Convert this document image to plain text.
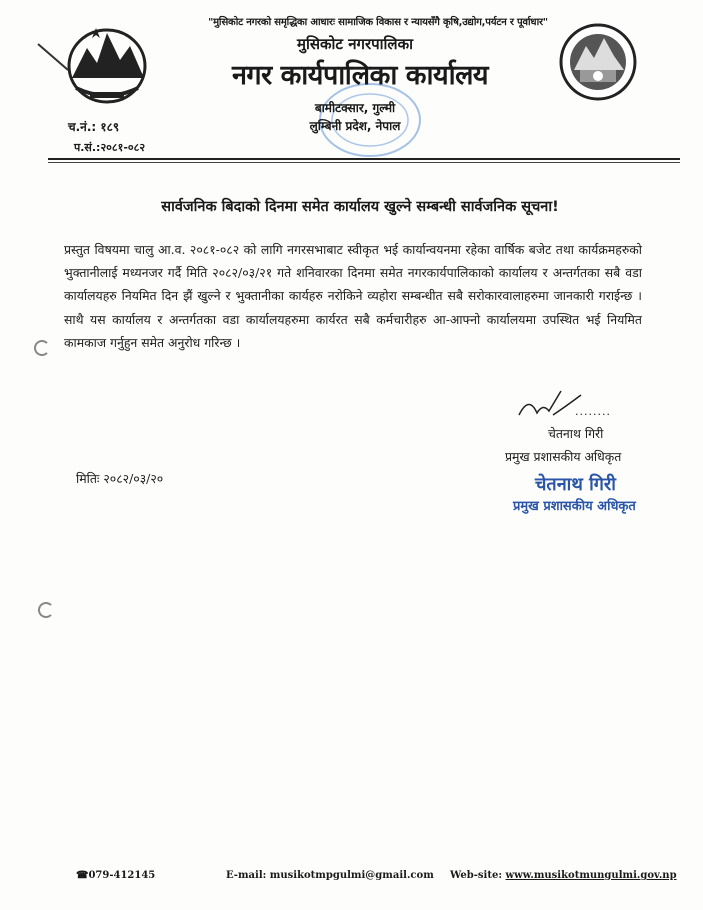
"मुसिकोट नगरको समृद्धिका आधारः सामाजिक विकास र न्यायसँगै कृषि,उद्योग,पर्यटन र पूर्वाधार"
मुसिकोट नगरपालिका
नगर कार्यपालिका कार्यालय
बामीटक्सार, गुल्मी
लुम्बिनी प्रदेश, नेपाल
च.नं.: १८९
प.सं.:२०८१-०८२
सार्वजनिक बिदाको दिनमा समेत कार्यालय खुल्ने सम्बन्धी सार्वजनिक सूचना!
प्रस्तुत विषयमा चालु आ.व. २०८१-०८२ को लागि नगरसभाबाट स्वीकृत भई कार्यान्वयनमा रहेका वार्षिक बजेट तथा कार्यक्रमहरुको भुक्तानीलाई मध्यनजर गर्दै मिति २०८२/०३/२१ गते शनिवारका दिनमा समेत नगरकार्यपालिकाको कार्यालय र अन्तर्गतका सबै वडा कार्यालयहरु नियमित दिन झैं खुल्ने र भुक्तानीका कार्यहरु नरोकिने व्यहोरा सम्बन्धीत सबै सरोकारवालाहरुमा जानकारी गराईन्छ । साथै यस कार्यालय र अन्तर्गतका वडा कार्यालयहरुमा कार्यरत सबै कर्मचारीहरु आ-आफ्नो कार्यालयमा उपस्थित भई नियमित कामकाज गर्नुहुन समेत अनुरोध गरिन्छ ।
........
चेतनाथ गिरी
प्रमुख प्रशासकीय अधिकृत
मितिः २०८२/०३/२०	चेतनाथ गिरी
प्रमुख प्रशासकीय अधिकृत
☎079-412145	E-mail: musikotmpgulmi@gmail.com Web-site: www.musikotmungulmi.gov.np
